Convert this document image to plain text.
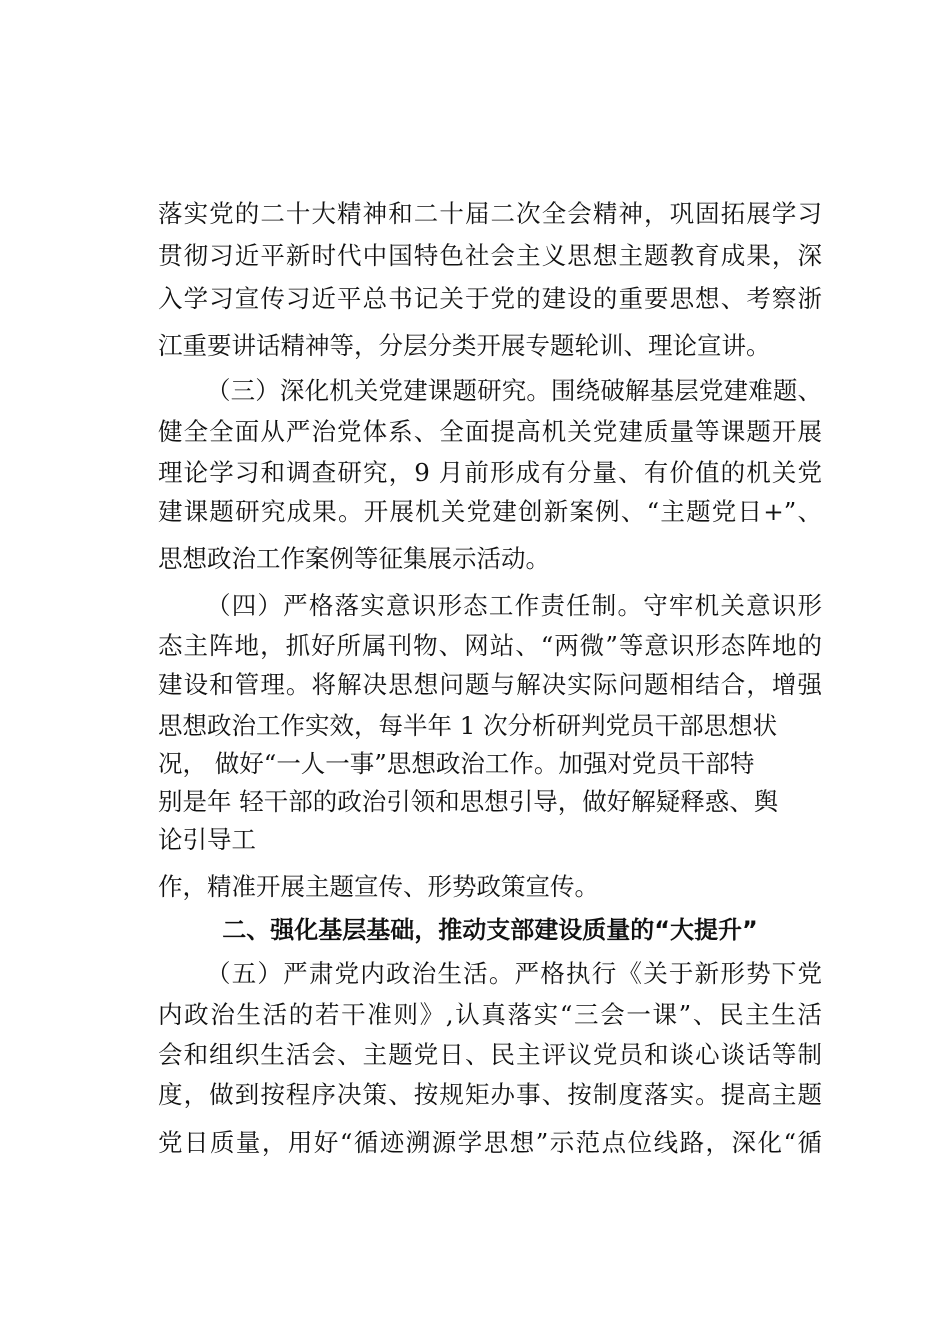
落实党的二十大精神和二十届二次全会精神，巩固拓展学习
贯彻习近平新时代中国特色社会主义思想主题教育成果，深
入学习宣传习近平总书记关于党的建设的重要思想、考察浙
江重要讲话精神等，分层分类开展专题轮训、理论宣讲。
（三）深化机关党建课题研究。围绕破解基层党建难题、
健全全面从严治党体系、全面提高机关党建质量等课题开展
理论学习和调查研究，9 月前形成有分量、有价值的机关党
建课题研究成果。开展机关党建创新案例、“主题党日+”、
思想政治工作案例等征集展示活动。
（四）严格落实意识形态工作责任制。守牢机关意识形
态主阵地，抓好所属刊物、网站、“两微”等意识形态阵地的
建设和管理。将解决思想问题与解决实际问题相结合，增强
思想政治工作实效，每半年 1 次分析研判党员干部思想状
况， 做好“一人一事”思想政治工作。加强对党员干部特
别是年 轻干部的政治引领和思想引导，做好解疑释惑、舆
论引导工
作，精准开展主题宣传、形势政策宣传。
二、强化基层基础，推动支部建设质量的“大提升”
（五）严肃党内政治生活。严格执行《关于新形势下党
内政治生活的若干准则》,认真落实“三会一课”、民主生活
会和组织生活会、主题党日、民主评议党员和谈心谈话等制
度，做到按程序决策、按规矩办事、按制度落实。提高主题
党日质量，用好“循迹溯源学思想”示范点位线路，深化“循
